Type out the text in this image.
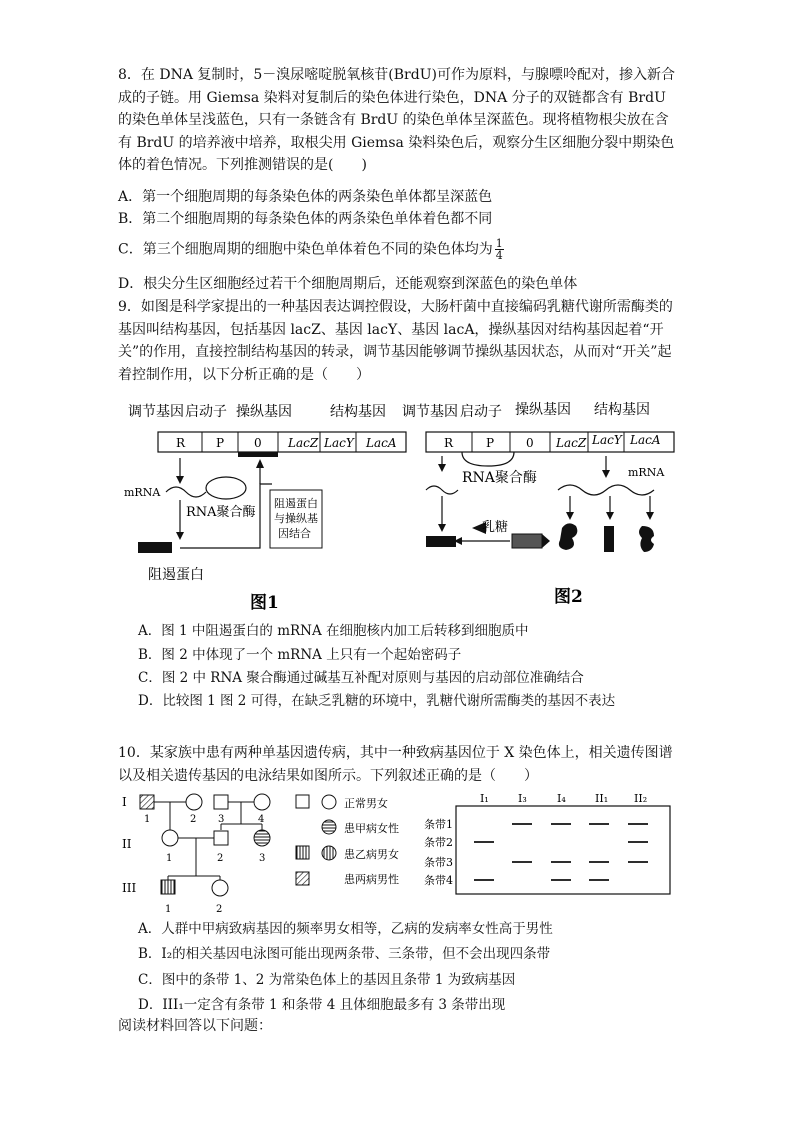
8．在 DNA 复制时，5－溴尿嘧啶脱氧核苷(BrdU)可作为原料，与腺嘌呤配对，掺入新合成的子链。用 Giemsa 染料对复制后的染色体进行染色，DNA 分子的双链都含有 BrdU 的染色单体呈浅蓝色，只有一条链含有 BrdU 的染色单体呈深蓝色。现将植物根尖放在含有 BrdU 的培养液中培养，取根尖用 Giemsa 染料染色后，观察分生区细胞分裂中期染色体的着色情况。下列推测错误的是(　　)
A．第一个细胞周期的每条染色体的两条染色单体都呈深蓝色
B．第二个细胞周期的每条染色体的两条染色单体着色都不同
C．第三个细胞周期的细胞中染色单体着色不同的染色体均为 $\frac{1}{4}$
D．根尖分生区细胞经过若干个细胞周期后，还能观察到深蓝色的染色单体
9．如图是科学家提出的一种基因表达调控假设，大肠杆菌中直接编码乳糖代谢所需酶类的基因叫结构基因，包括基因 lacZ、基因 lacY、基因 lacA，操纵基因对结构基因起着“开关”的作用，直接控制结构基因的转录，调节基因能够调节操纵基因状态，从而对“开关”起着控制作用，以下分析正确的是（　　）
调节基因 启动子 操纵基因	结构基因
R	P 0 LacZ LacY LacA
mRNA
RNA聚合酶
阻遏蛋白
与操纵基
因结合
阻遏蛋白
图1
调节基因 启动子 操纵基因 结构基因
R	P	0 LacZ LacY LacA
RNA聚合酶
乳糖
mRNA
图2
A．图 1 中阻遏蛋白的 mRNA 在细胞核内加工后转移到细胞质中
B．图 2 中体现了一个 mRNA 上只有一个起始密码子
C．图 2 中 RNA 聚合酶通过碱基互补配对原则与基因的启动部位准确结合
D．比较图 1 图 2 可得，在缺乏乳糖的环境中，乳糖代谢所需酶类的基因不表达
10．某家族中患有两种单基因遗传病，其中一种致病基因位于 X 染色体上，相关遗传图谱以及相关遗传基因的电泳结果如图所示。下列叙述正确的是（　　）
I
II
III
1	2 3	4
1	2	3
1	2
正常男女
患甲病女性
患乙病男女
患两病男性
I₁	I₃	I₄	II₁ II₂
条带1
条带2
条带3
条带4
A．人群中甲病致病基因的频率男女相等，乙病的发病率女性高于男性
B．I₂的相关基因电泳图可能出现两条带、三条带，但不会出现四条带
C．图中的条带 1、2 为常染色体上的基因且条带 1 为致病基因
D．III₁一定含有条带 1 和条带 4 且体细胞最多有 3 条带出现
阅读材料回答以下问题：
